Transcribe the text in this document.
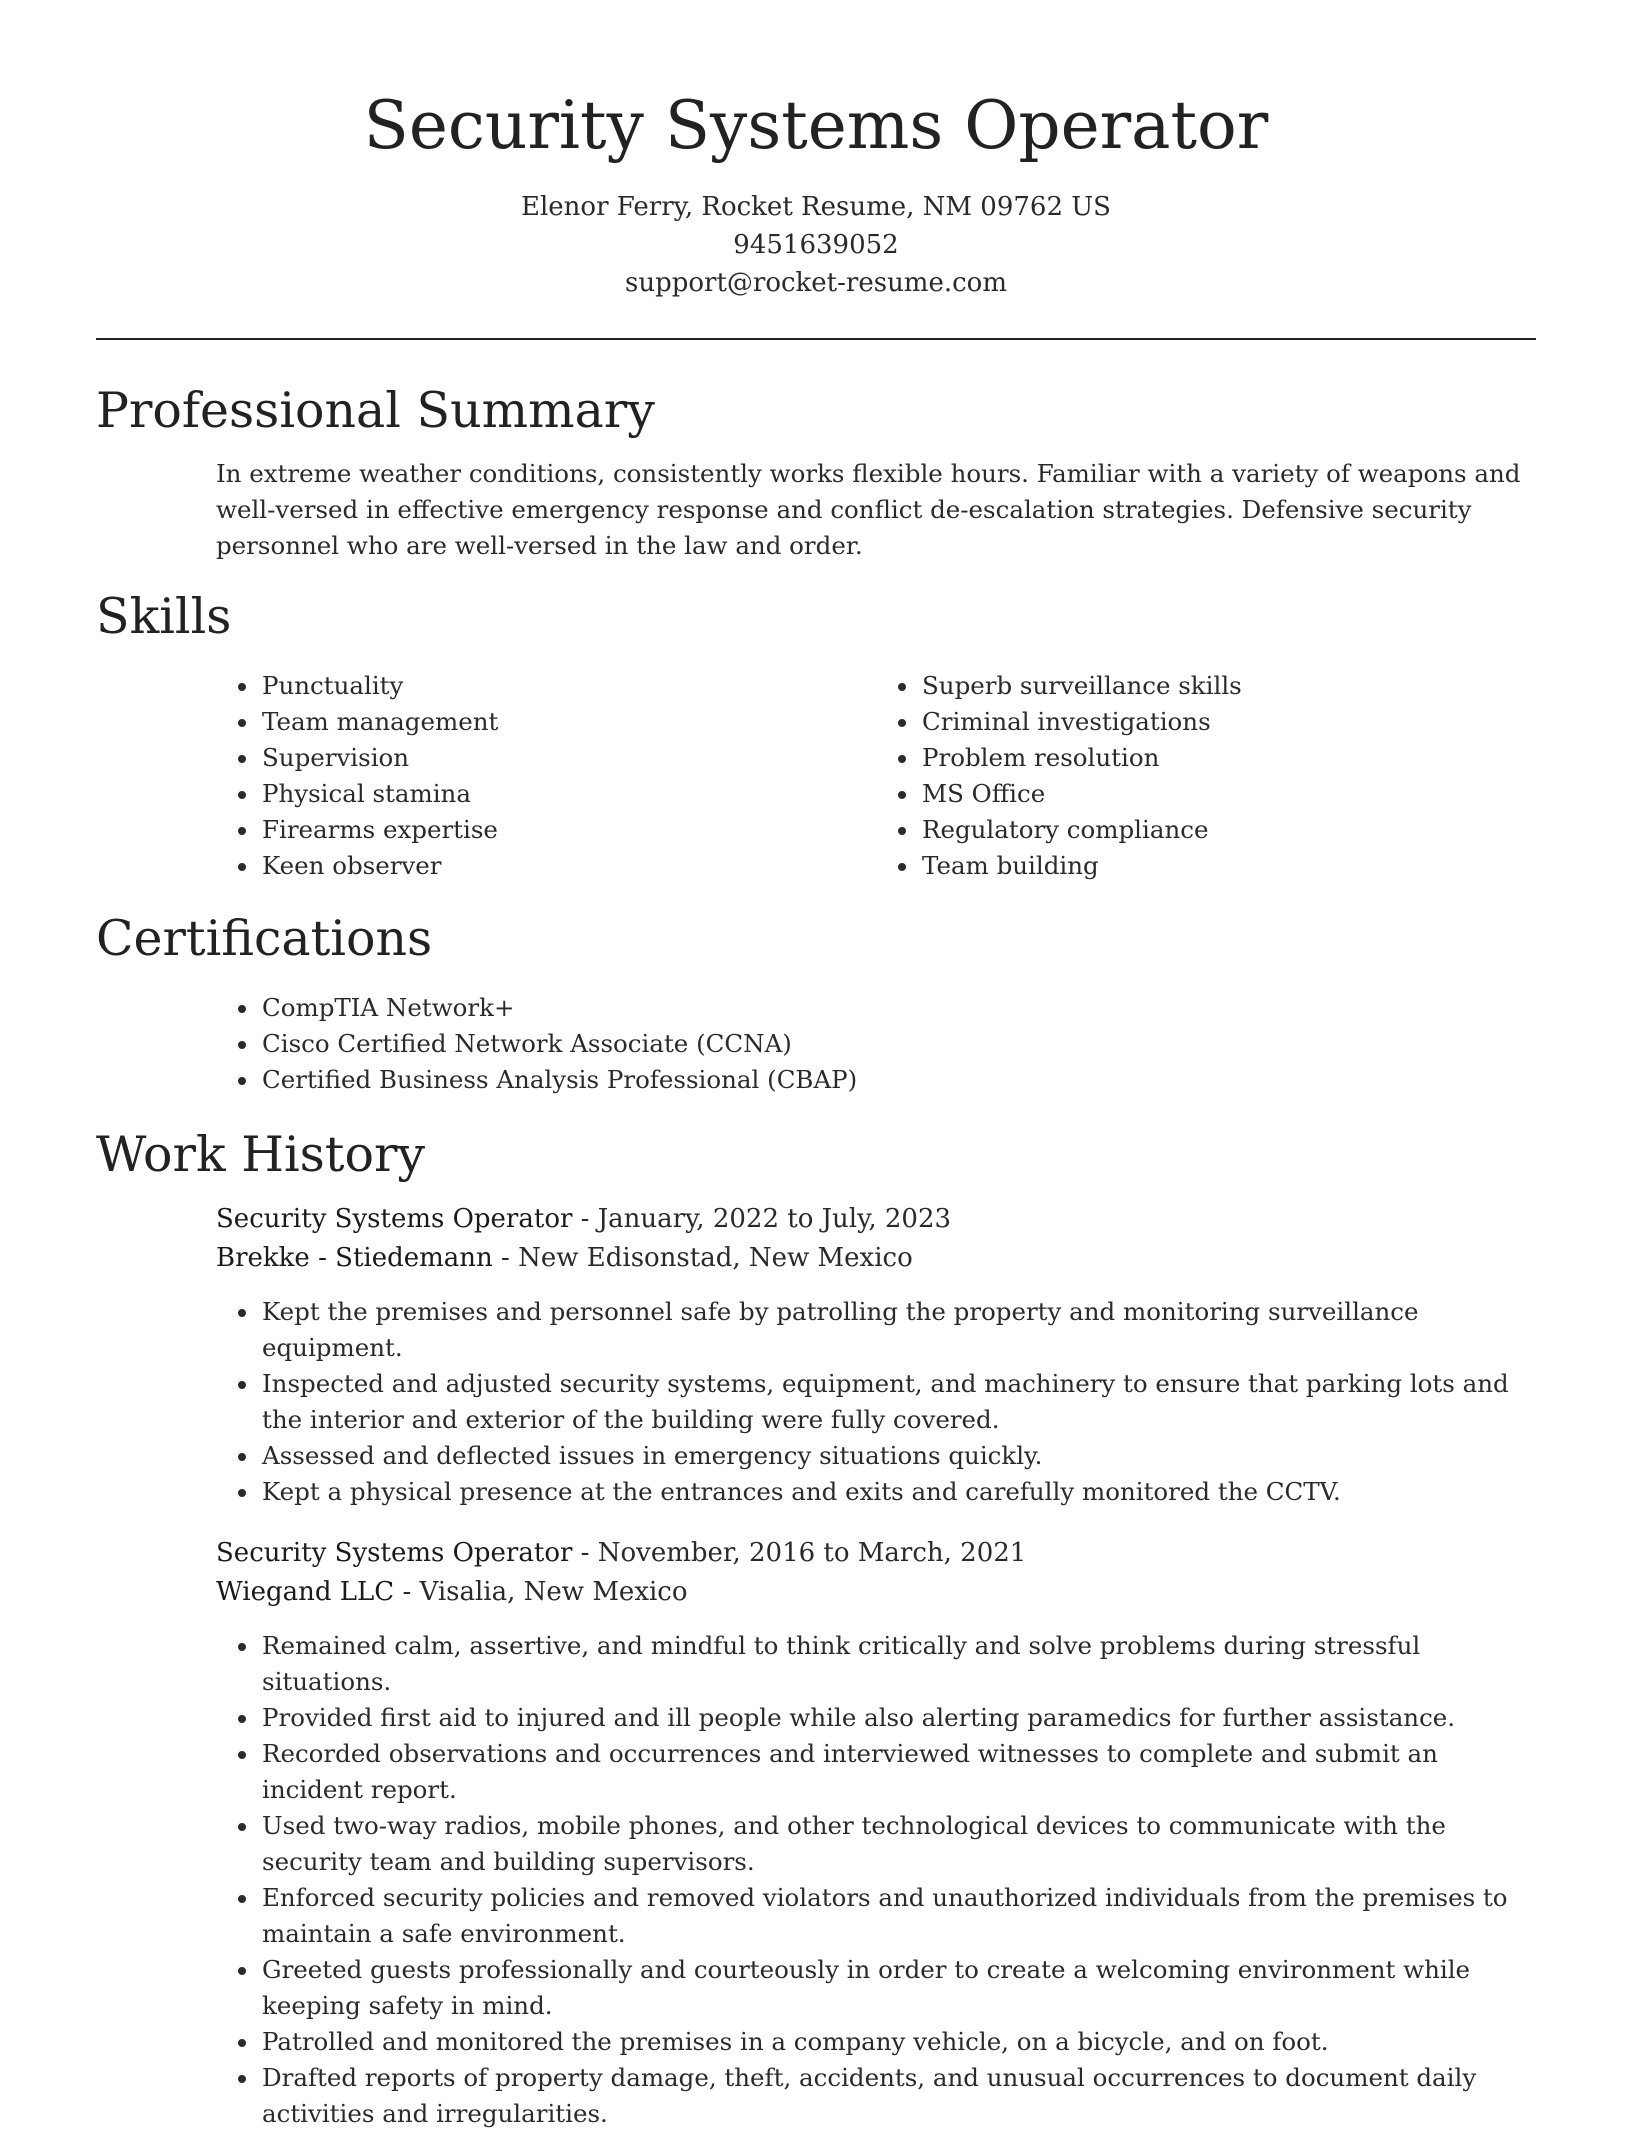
Security Systems Operator
Elenor Ferry, Rocket Resume, NM 09762 US
9451639052
support@rocket-resume.com
Professional Summary

In extreme weather conditions, consistently works flexible hours. Familiar with a variety of weapons and well-versed in effective emergency response and conflict de-escalation strategies. Defensive security personnel who are well-versed in the law and order.

Skills
• Punctuality
• Team management
• Supervision
• Physical stamina
• Firearms expertise
• Keen observer
• Superb surveillance skills
• Criminal investigations
• Problem resolution
• MS Office
• Regulatory compliance
• Team building
Certifications
• CompTIA Network+
• Cisco Certified Network Associate (CCNA)
• Certified Business Analysis Professional (CBAP)
Work History
Security Systems Operator - January, 2022 to July, 2023
Brekke - Stiedemann - New Edisonstad, New Mexico
• Kept the premises and personnel safe by patrolling the property and monitoring surveillance equipment.
• Inspected and adjusted security systems, equipment, and machinery to ensure that parking lots and the interior and exterior of the building were fully covered.
• Assessed and deflected issues in emergency situations quickly.
• Kept a physical presence at the entrances and exits and carefully monitored the CCTV.
Security Systems Operator - November, 2016 to March, 2021
Wiegand LLC - Visalia, New Mexico
• Remained calm, assertive, and mindful to think critically and solve problems during stressful situations.
• Provided first aid to injured and ill people while also alerting paramedics for further assistance.
• Recorded observations and occurrences and interviewed witnesses to complete and submit an incident report.
• Used two-way radios, mobile phones, and other technological devices to communicate with the security team and building supervisors.
• Enforced security policies and removed violators and unauthorized individuals from the premises to maintain a safe environment.
• Greeted guests professionally and courteously in order to create a welcoming environment while keeping safety in mind.
• Patrolled and monitored the premises in a company vehicle, on a bicycle, and on foot.
• Drafted reports of property damage, theft, accidents, and unusual occurrences to document daily activities and irregularities.
